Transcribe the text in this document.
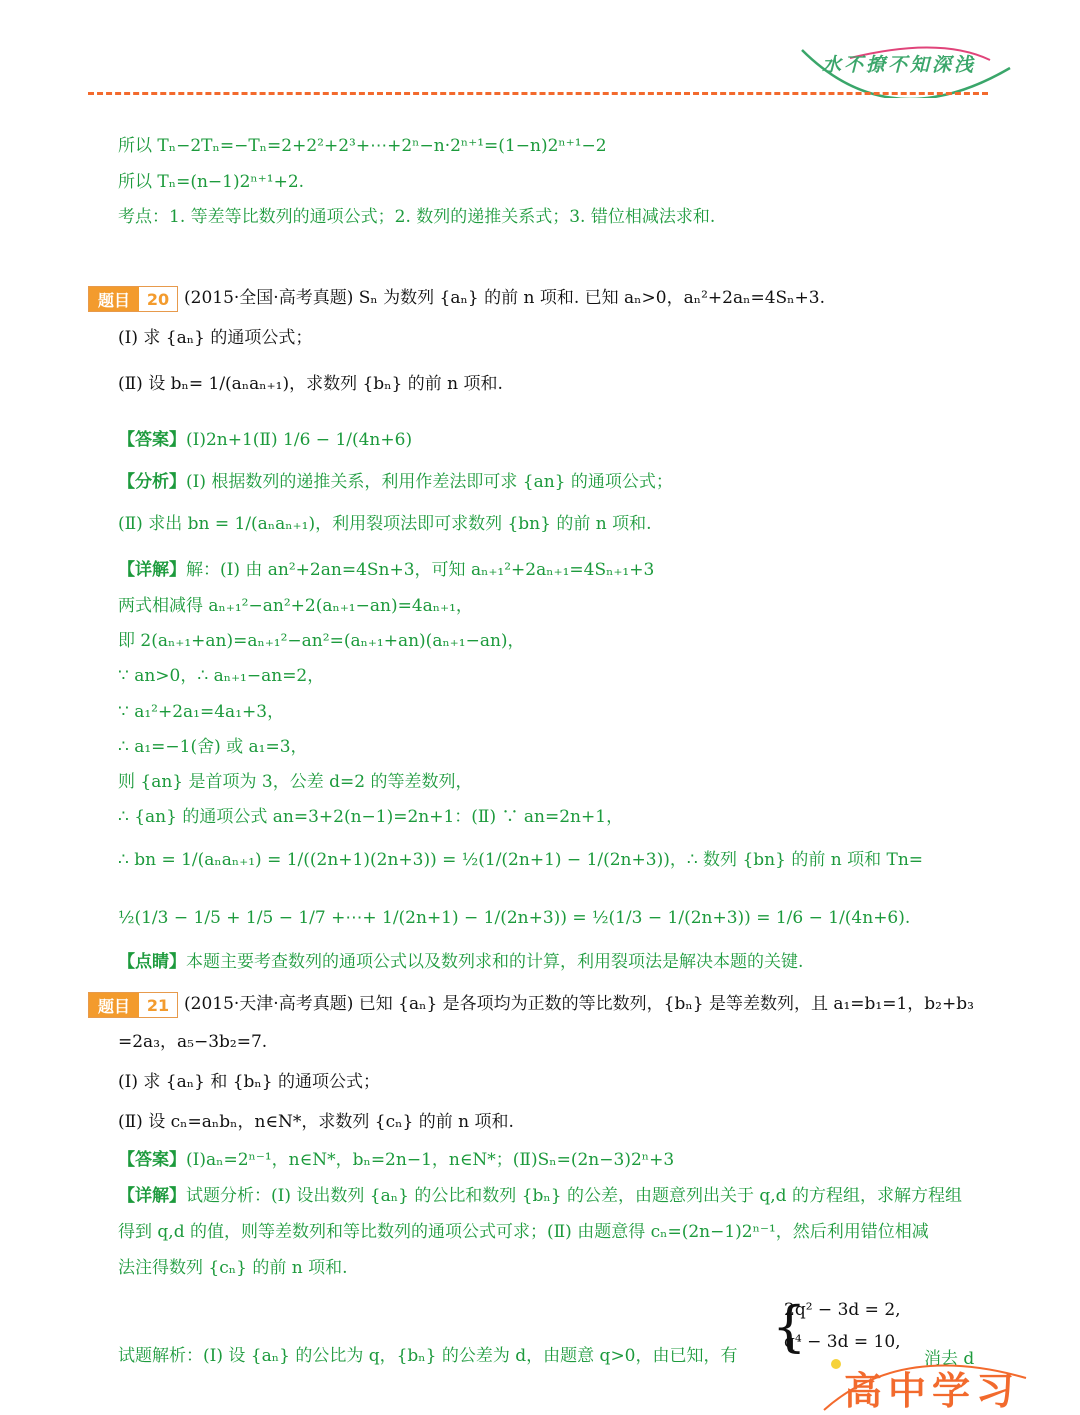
水不撩不知深浅
所以 Tₙ−2Tₙ=−Tₙ=2+2²+2³+⋯+2ⁿ−n·2ⁿ⁺¹=(1−n)2ⁿ⁺¹−2
所以 Tₙ=(n−1)2ⁿ⁺¹+2.
考点：1. 等差等比数列的通项公式；2. 数列的递推关系式；3. 错位相减法求和.
题目	20 (2015·全国·高考真题) Sₙ 为数列 {aₙ} 的前 n 项和. 已知 aₙ>0，aₙ²+2aₙ=4Sₙ+3.
(Ⅰ) 求 {aₙ} 的通项公式；
(Ⅱ) 设 bₙ= 1/(aₙaₙ₊₁)，求数列 {bₙ} 的前 n 项和.
【答案】(Ⅰ)2n+1(Ⅱ) 1/6 − 1/(4n+6)
【分析】(I) 根据数列的递推关系，利用作差法即可求 {an} 的通项公式；
(Ⅱ) 求出 bn = 1/(aₙaₙ₊₁)，利用裂项法即可求数列 {bn} 的前 n 项和.
【详解】解：(I) 由 an²+2an=4Sn+3，可知 aₙ₊₁²+2aₙ₊₁=4Sₙ₊₁+3
两式相减得 aₙ₊₁²−an²+2(aₙ₊₁−an)=4aₙ₊₁，
即 2(aₙ₊₁+an)=aₙ₊₁²−an²=(aₙ₊₁+an)(aₙ₊₁−an)，
∵ an>0，∴ aₙ₊₁−an=2，
∵ a₁²+2a₁=4a₁+3，
∴ a₁=−1(舍) 或 a₁=3，
则 {an} 是首项为 3，公差 d=2 的等差数列，
∴ {an} 的通项公式 an=3+2(n−1)=2n+1：(Ⅱ) ∵ an=2n+1，
∴ bn = 1/(aₙaₙ₊₁) = 1/((2n+1)(2n+3)) = ½(1/(2n+1) − 1/(2n+3))，∴ 数列 {bn} 的前 n 项和 Tn=
½(1/3 − 1/5 + 1/5 − 1/7 +⋯+ 1/(2n+1) − 1/(2n+3)) = ½(1/3 − 1/(2n+3)) = 1/6 − 1/(4n+6).
【点睛】本题主要考查数列的通项公式以及数列求和的计算，利用裂项法是解决本题的关键.
题目	21 (2015·天津·高考真题) 已知 {aₙ} 是各项均为正数的等比数列，{bₙ} 是等差数列，且 a₁=b₁=1，b₂+b₃
=2a₃，a₅−3b₂=7.
(Ⅰ) 求 {aₙ} 和 {bₙ} 的通项公式；
(Ⅱ) 设 cₙ=aₙbₙ，n∈N*，求数列 {cₙ} 的前 n 项和.
【答案】(Ⅰ)aₙ=2ⁿ⁻¹，n∈N*，bₙ=2n−1，n∈N*；(Ⅱ)Sₙ=(2n−3)2ⁿ+3
【详解】试题分析：(Ⅰ) 设出数列 {aₙ} 的公比和数列 {bₙ} 的公差，由题意列出关于 q,d 的方程组，求解方程组
得到 q,d 的值，则等差数列和等比数列的通项公式可求；(Ⅱ) 由题意得 cₙ=(2n−1)2ⁿ⁻¹，然后利用错位相减
法注得数列 {cₙ} 的前 n 项和.
试题解析：(Ⅰ) 设 {aₙ} 的公比为 q，{bₙ} 的公差为 d，由题意 q>0，由已知，有 {
2q² − 3d = 2,
q⁴ − 3d = 10,
消去 d
高中学习
